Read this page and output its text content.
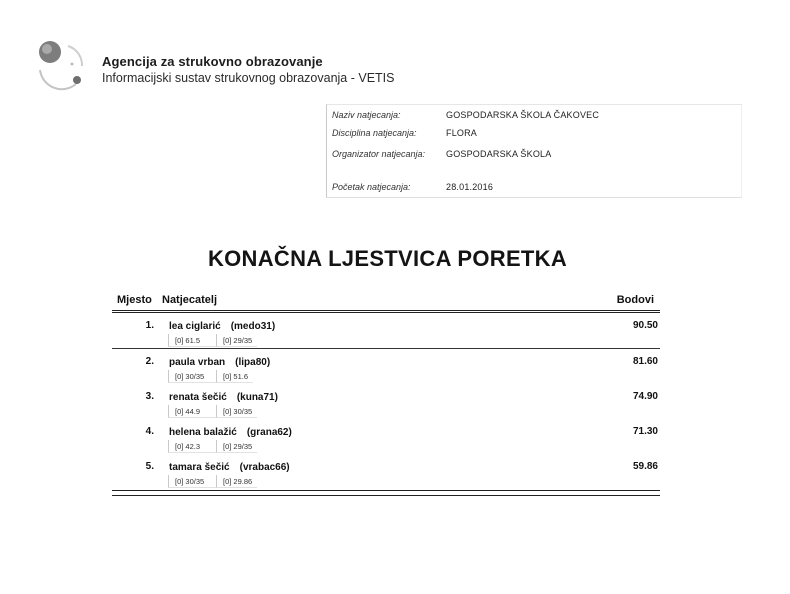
Agencija za strukovno obrazovanje
Informacijski sustav strukovnog obrazovanja - VETIS
Naziv natjecanja:	GOSPODARSKA ŠKOLA ČAKOVEC
Disciplina natjecanja:	FLORA
Organizator natjecanja: GOSPODARSKA ŠKOLA
Početak natjecanja:	28.01.2016
KONAČNA LJESTVICA PORETKA
Mjesto Natjecatelj	Bodovi
1. lea ciglarić (medo31)	90.50
[0] 61.5	[0] 29/35
2. paula vrban (lipa80)	81.60
[0] 30/35	[0] 51.6
3. renata šečić (kuna71)	74.90
[0] 44.9	[0] 30/35
4. helena balažić (grana62)	71.30
[0] 42.3	[0] 29/35
5. tamara šečić (vrabac66)	59.86
[0] 30/35	[0] 29.86
